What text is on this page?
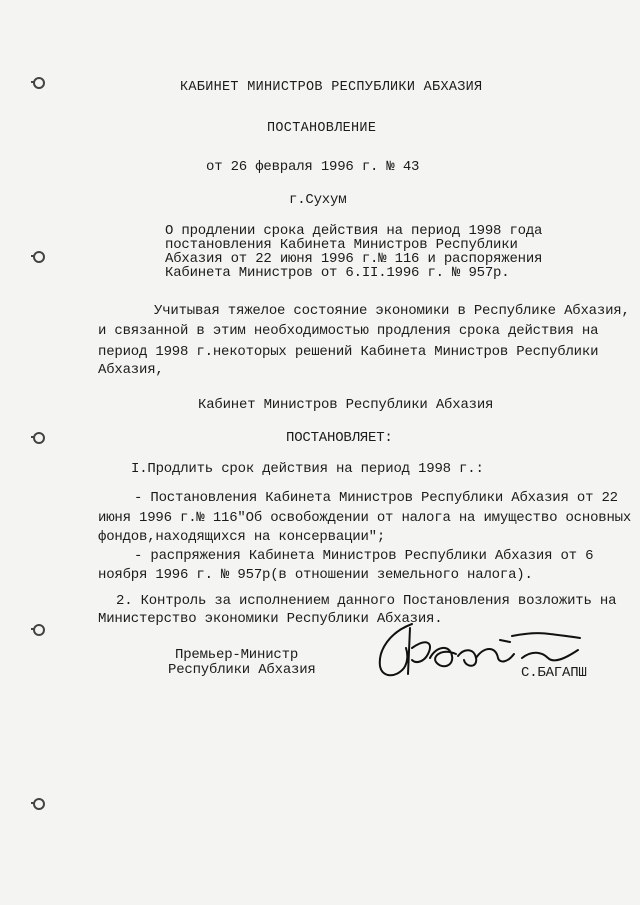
КАБИНЕТ МИНИСТРОВ РЕСПУБЛИКИ АБХАЗИЯ
ПОСТАНОВЛЕНИЕ
от 26 февраля 1996 г. № 43
г.Сухум
О продлении срока действия на период 1998 года
постановления Кабинета Министров Республики
Абхазия от 22 июня 1996 г.№ 116 и распоряжения
Кабинета Министров от 6.II.1996 г. № 957р.
Учитывая тяжелое состояние экономики в Республике Абхазия,
и связанной в этим необходимостью продления срока действия на
период 1998 г.некоторых решений Кабинета Министров Республики
Абхазия,
Кабинет Министров Республики Абхазия
ПОСТАНОВЛЯЕТ:
I.Продлить срок действия на период 1998 г.:
- Постановления Кабинета Министров Республики Абхазия от 22
июня 1996 г.№ 116"Об освобождении от налога на имущество основных
фондов,находящихся на консервации";
- распряжения Кабинета Министров Республики Абхазия от 6
ноября 1996 г. № 957р(в отношении земельного налога).
2. Контроль за исполнением данного Постановления возложить на
Министерство экономики Республики Абхазия.
Премьер-Министр
Республики Абхазия	С.БАГАПШ
